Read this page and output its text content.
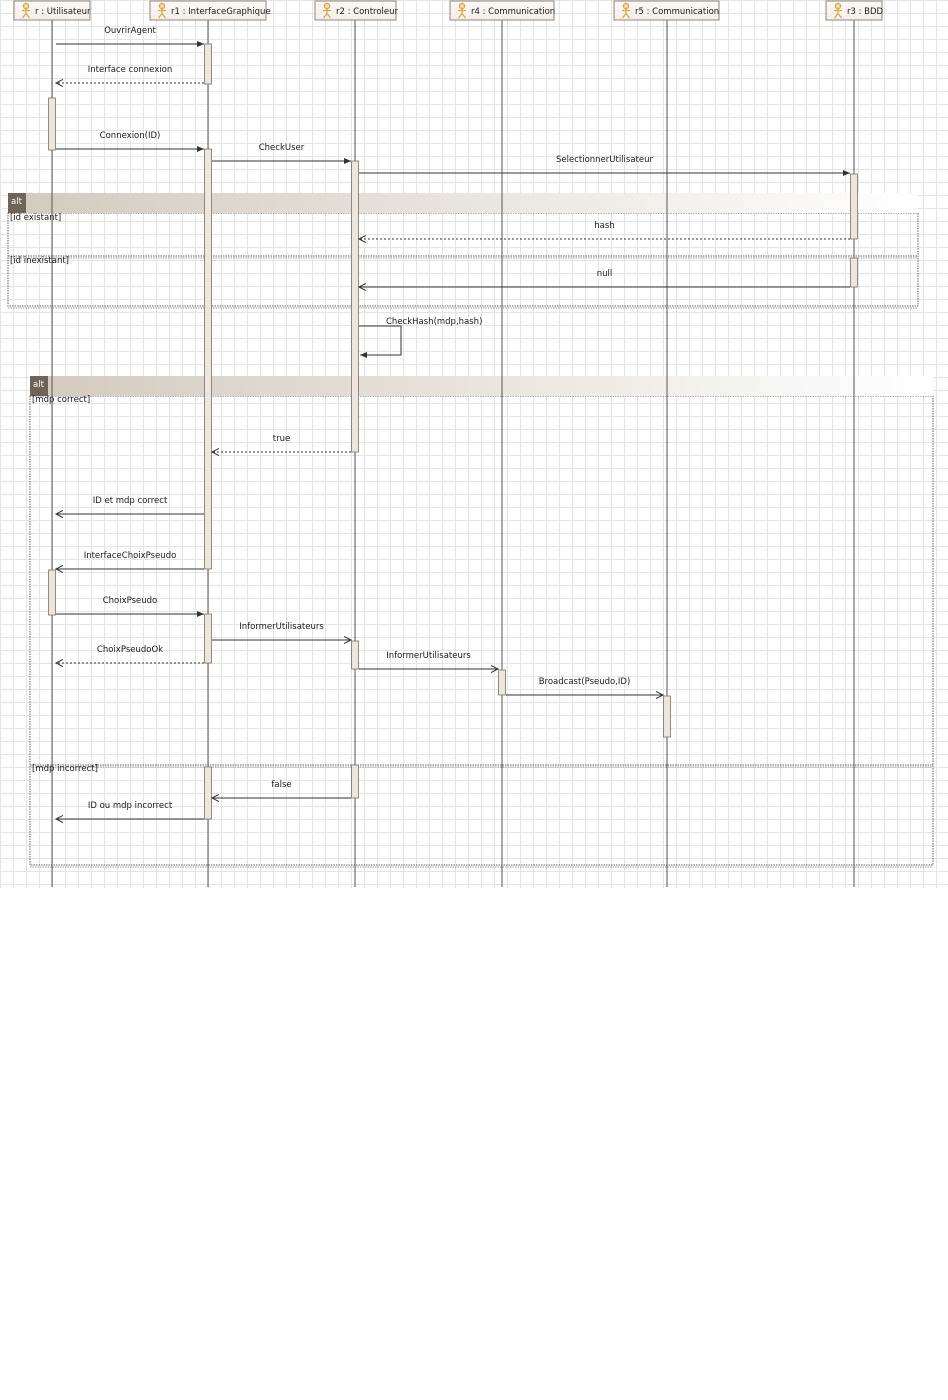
alt
[id existant]
[id inexistant]
alt
[mdp correct]
[mdp incorrect]
r : Utilisateur	r1 : InterfaceGraphique	r2 : Controleur	r4 : Communication	r5 : Communication	r3 : BDD
OuvrirAgent
Interface connexion
Connexion(ID)
CheckUser
SelectionnerUtilisateur
hash
null
CheckHash(mdp,hash)
true
ID et mdp correct
InterfaceChoixPseudo
ChoixPseudo
InformerUtilisateurs
ChoixPseudoOk
InformerUtilisateurs
Broadcast(Pseudo,ID)
false
ID ou mdp incorrect
